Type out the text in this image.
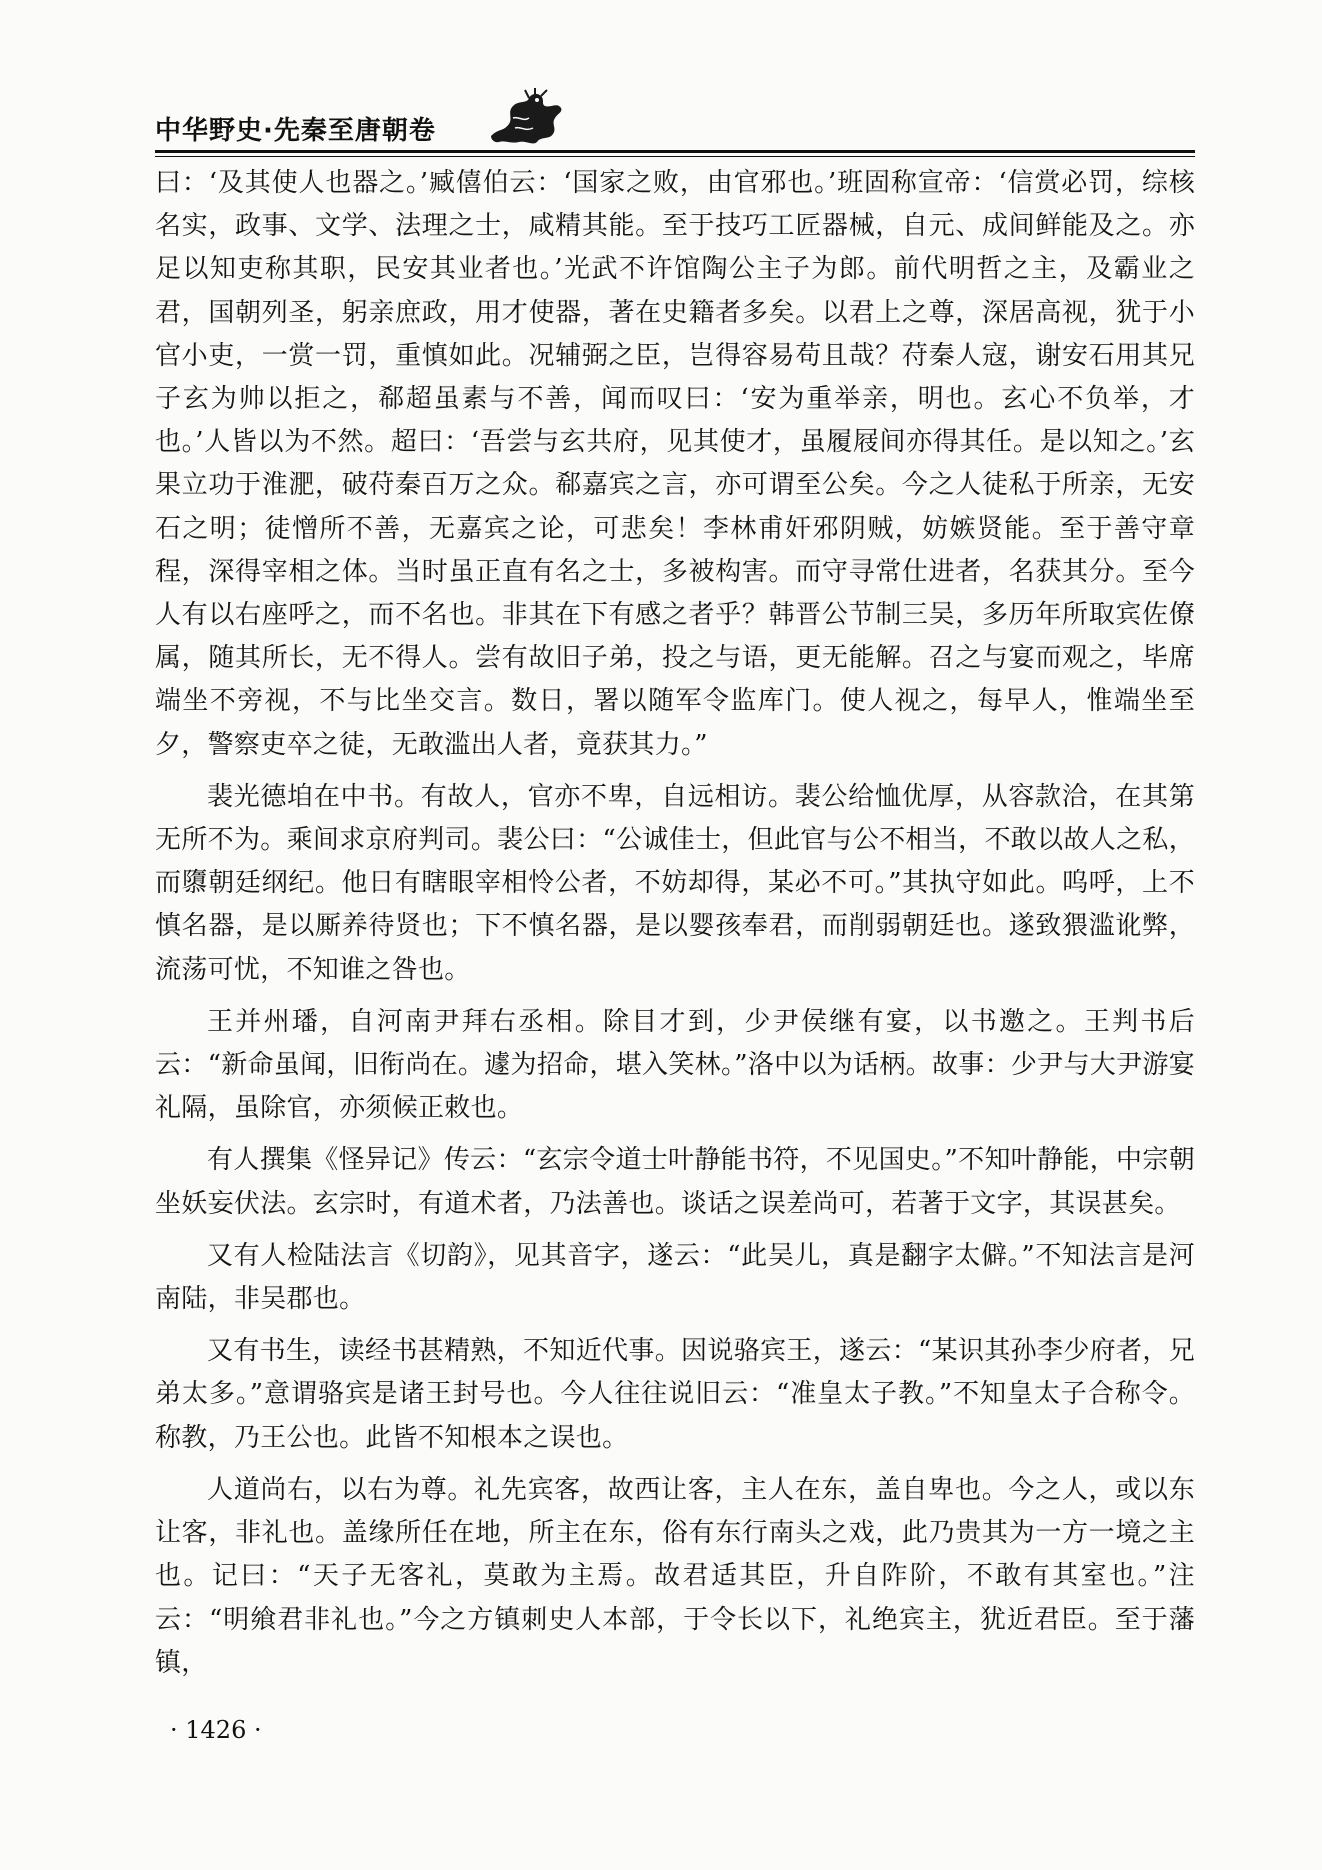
中华野史·先秦至唐朝卷

曰：‘及其使人也器之。’臧僖伯云：‘国家之败，由官邪也。’班固称宣帝：‘信赏必罚，综核名实，政事、文学、法理之士，咸精其能。至于技巧工匠器械，自元、成间鲜能及之。亦足以知吏称其职，民安其业者也。’光武不许馆陶公主子为郎。前代明哲之主，及霸业之君，国朝列圣，躬亲庶政，用才使器，著在史籍者多矣。以君上之尊，深居高视，犹于小官小吏，一赏一罚，重慎如此。况辅弼之臣，岂得容易苟且哉？苻秦人寇，谢安石用其兄子玄为帅以拒之，郗超虽素与不善，闻而叹曰：‘安为重举亲，明也。玄心不负举，才也。’人皆以为不然。超曰：‘吾尝与玄共府，见其使才，虽履屐间亦得其任。是以知之。’玄果立功于淮淝，破苻秦百万之众。郗嘉宾之言，亦可谓至公矣。今之人徒私于所亲，无安石之明；徒憎所不善，无嘉宾之论，可悲矣！李林甫奸邪阴贼，妨嫉贤能。至于善守章程，深得宰相之体。当时虽正直有名之士，多被构害。而守寻常仕进者，名获其分。至今人有以右座呼之，而不名也。非其在下有感之者乎？韩晋公节制三吴，多历年所取宾佐僚属，随其所长，无不得人。尝有故旧子弟，投之与语，更无能解。召之与宴而观之，毕席端坐不旁视，不与比坐交言。数日，署以随军令监库门。使人视之，每早人，惟端坐至夕，警察吏卒之徒，无敢滥出人者，竟获其力。”

裴光德垍在中书。有故人，官亦不卑，自远相访。裴公给恤优厚，从容款洽，在其第无所不为。乘间求京府判司。裴公曰：“公诚佳士，但此官与公不相当，不敢以故人之私，而隳朝廷纲纪。他日有瞎眼宰相怜公者，不妨却得，某必不可。”其执守如此。呜呼，上不慎名器，是以厮养待贤也；下不慎名器，是以婴孩奉君，而削弱朝廷也。遂致猥滥讹弊，流荡可忧，不知谁之咎也。

王并州璠，自河南尹拜右丞相。除目才到，少尹侯继有宴，以书邀之。王判书后云：“新命虽闻，旧衔尚在。遽为招命，堪入笑林。”洛中以为话柄。故事：少尹与大尹游宴礼隔，虽除官，亦须候正敕也。

有人撰集《怪异记》传云：“玄宗令道士叶静能书符，不见国史。”不知叶静能，中宗朝坐妖妄伏法。玄宗时，有道术者，乃法善也。谈话之误差尚可，若著于文字，其误甚矣。

又有人检陆法言《切韵》，见其音字，遂云：“此吴儿，真是翻字太僻。”不知法言是河南陆，非吴郡也。

又有书生，读经书甚精熟，不知近代事。因说骆宾王，遂云：“某识其孙李少府者，兄弟太多。”意谓骆宾是诸王封号也。今人往往说旧云：“准皇太子教。”不知皇太子合称令。称教，乃王公也。此皆不知根本之误也。

人道尚右，以右为尊。礼先宾客，故西让客，主人在东，盖自卑也。今之人，或以东让客，非礼也。盖缘所任在地，所主在东，俗有东行南头之戏，此乃贵其为一方一境之主也。记曰：“天子无客礼，莫敢为主焉。故君适其臣，升自阼阶，不敢有其室也。”注云：“明飨君非礼也。”今之方镇刺史人本部，于令长以下，礼绝宾主，犹近君臣。至于藩镇，

· 1426 ·
